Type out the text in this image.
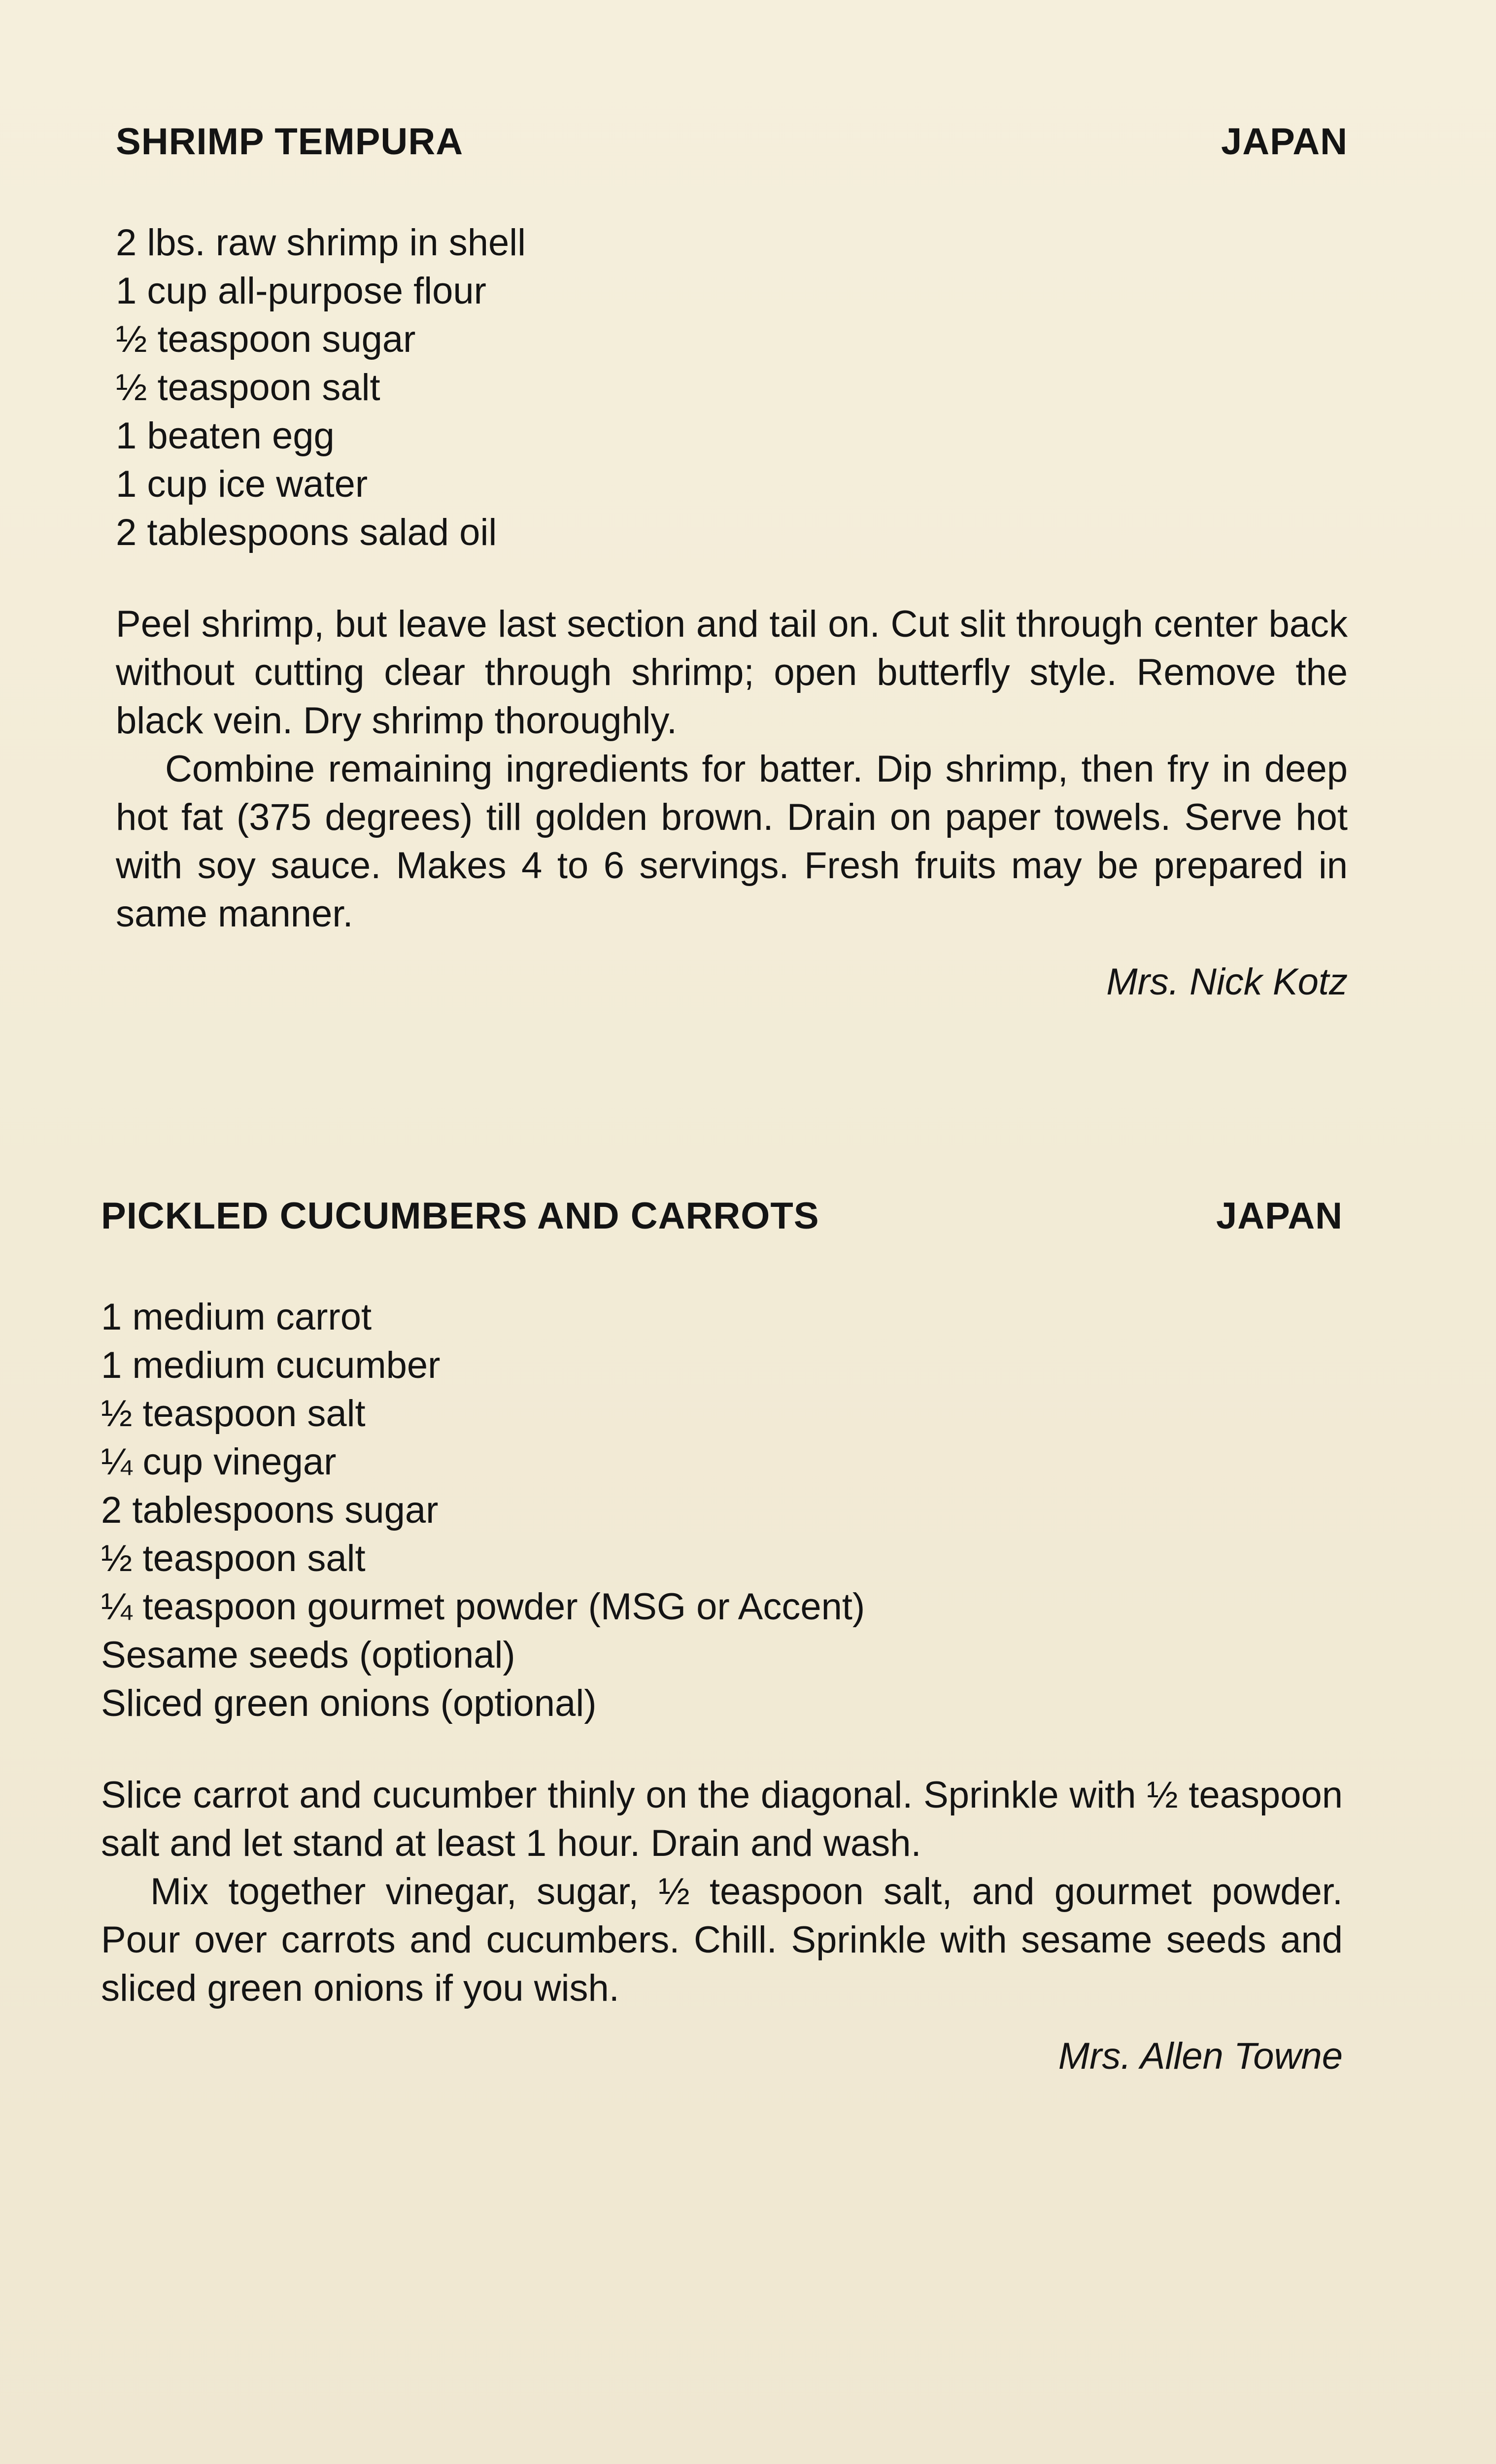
SHRIMP TEMPURA	JAPAN
2 lbs. raw shrimp in shell
1 cup all-purpose flour
½ teaspoon sugar
½ teaspoon salt
1 beaten egg
1 cup ice water
2 tablespoons salad oil

Peel shrimp, but leave last section and tail on. Cut slit through center back without cutting clear through shrimp; open butterfly style. Remove the black vein. Dry shrimp thoroughly.

Combine remaining ingredients for batter. Dip shrimp, then fry in deep hot fat (375 degrees) till golden brown. Drain on paper towels. Serve hot with soy sauce. Makes 4 to 6 servings. Fresh fruits may be prepared in same manner.

Mrs. Nick Kotz
PICKLED CUCUMBERS AND CARROTS	JAPAN
1 medium carrot
1 medium cucumber
½ teaspoon salt
¼ cup vinegar
2 tablespoons sugar
½ teaspoon salt
¼ teaspoon gourmet powder (MSG or Accent)
Sesame seeds (optional)
Sliced green onions (optional)

Slice carrot and cucumber thinly on the diagonal. Sprinkle with ½ teaspoon salt and let stand at least 1 hour. Drain and wash.

Mix together vinegar, sugar, ½ teaspoon salt, and gourmet powder. Pour over carrots and cucumbers. Chill. Sprinkle with sesame seeds and sliced green onions if you wish.

Mrs. Allen Towne
